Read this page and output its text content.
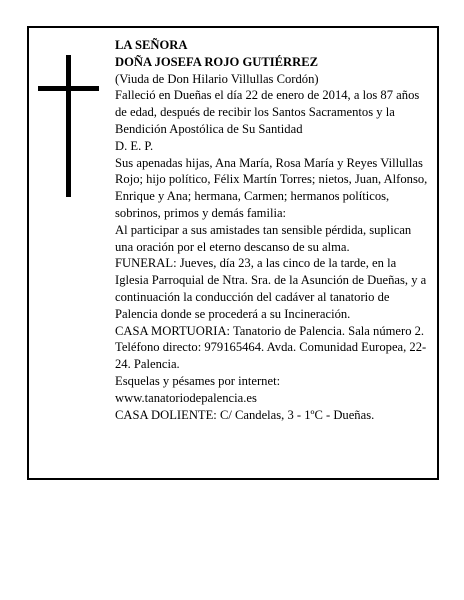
LA SEÑORA

DOÑA JOSEFA ROJO GUTIÉRREZ

(Viuda de Don Hilario Villullas Cordón)

Falleció en Dueñas el día 22 de enero de 2014, a los 87 años de edad, después de recibir los Santos Sacramentos y la Bendición Apostólica de Su Santidad

D. E. P.

Sus apenadas hijas, Ana María, Rosa María y Reyes Villullas Rojo; hijo político, Félix Martín Torres; nietos, Juan, Alfonso, Enrique y Ana; hermana, Carmen; hermanos políticos, sobrinos, primos y demás familia:

Al participar a sus amistades tan sensible pérdida, suplican una oración por el eterno descanso de su alma.

FUNERAL: Jueves, día 23, a las cinco de la tarde, en la Iglesia Parroquial de Ntra. Sra. de la Asunción de Dueñas, y a continuación la conducción del cadáver al tanatorio de Palencia donde se procederá a su Incineración.

CASA MORTUORIA: Tanatorio de Palencia. Sala número 2. Teléfono directo: 979165464. Avda. Comunidad Europea, 22-24. Palencia.

Esquelas y pésames por internet:

www.tanatoriodepalencia.es

CASA DOLIENTE: C/ Candelas, 3 - 1ºC - Dueñas.
